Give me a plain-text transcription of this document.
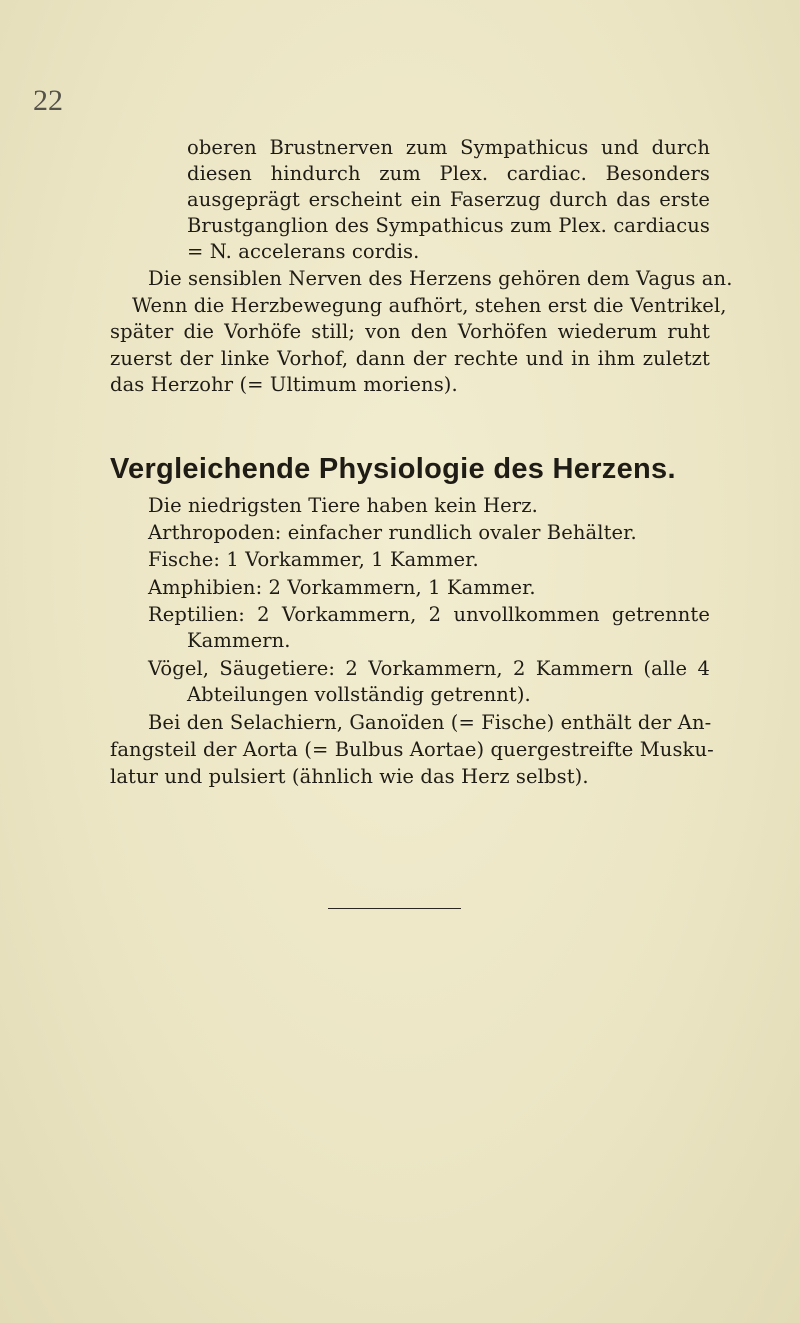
22
oberen Brustnerven zum Sympathicus und durch
diesen hindurch zum Plex. cardiac. Besonders
ausgeprägt erscheint ein Faserzug durch das erste
Brustganglion des Sympathicus zum Plex. cardiacus
= N. accelerans cordis.
Die sensiblen Nerven des Herzens gehören dem Vagus an.
Wenn die Herzbewegung aufhört, stehen erst die Ventrikel,
später die Vorhöfe still; von den Vorhöfen wiederum ruht
zuerst der linke Vorhof, dann der rechte und in ihm zuletzt
das Herzohr (= Ultimum moriens).
Vergleichende Physiologie des Herzens.
Die niedrigsten Tiere haben kein Herz.
Arthropoden: einfacher rundlich ovaler Behälter.
Fische: 1 Vorkammer, 1 Kammer.
Amphibien: 2 Vorkammern, 1 Kammer.
Reptilien: 2 Vorkammern, 2 unvollkommen getrennte
Kammern.
Vögel, Säugetiere: 2 Vorkammern, 2 Kammern (alle 4
Abteilungen vollständig getrennt).
Bei den Selachiern, Ganoïden (= Fische) enthält der An-
fangsteil der Aorta (= Bulbus Aortae) quergestreifte Musku-
latur und pulsiert (ähnlich wie das Herz selbst).
